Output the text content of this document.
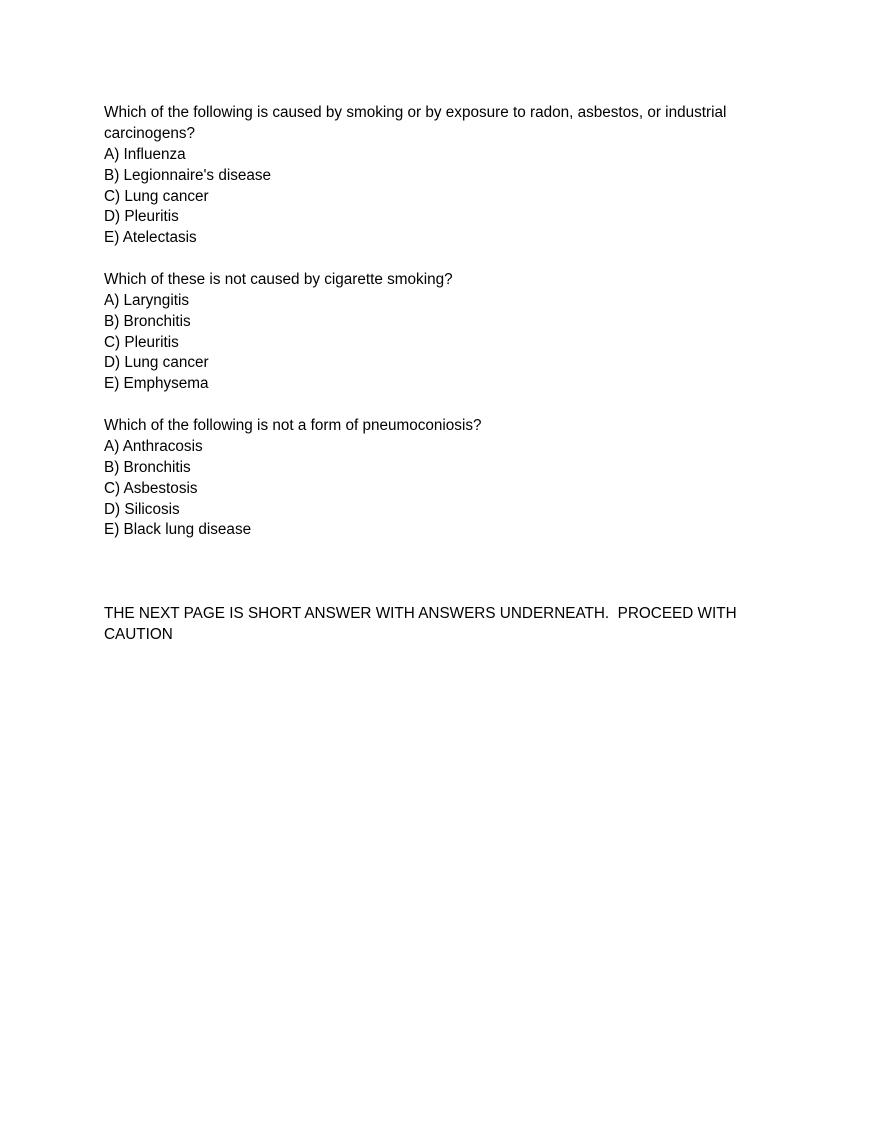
Which of the following is caused by smoking or by exposure to radon, asbestos, or industrial carcinogens?
A) Influenza
B) Legionnaire's disease
C) Lung cancer
D) Pleuritis
E) Atelectasis
Which of these is not caused by cigarette smoking?
A) Laryngitis
B) Bronchitis
C) Pleuritis
D) Lung cancer
E) Emphysema
Which of the following is not a form of pneumoconiosis?
A) Anthracosis
B) Bronchitis
C) Asbestosis
D) Silicosis
E) Black lung disease
THE NEXT PAGE IS SHORT ANSWER WITH ANSWERS UNDERNEATH.  PROCEED WITH CAUTION
